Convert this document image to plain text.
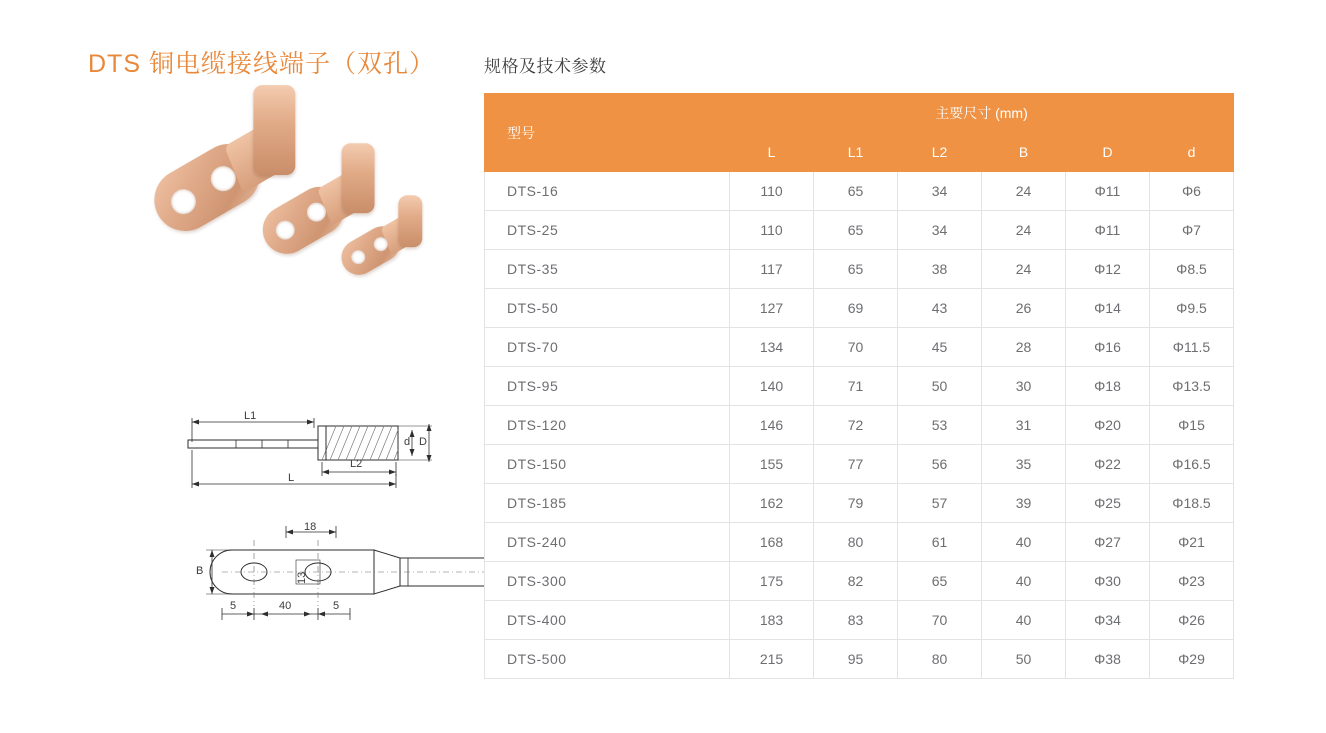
DTS 铜电缆接线端子（双孔）
L1
L
L2
d D
18
13
B
5	40	5
规格及技术参数
型号	主要尺寸 (mm)					
	L	L1	L2	B	D	d
DTS-16	110	65	34	24	Φ11	Φ6
DTS-25	110	65	34	24	Φ11	Φ7
DTS-35	117	65	38	24	Φ12	Φ8.5
DTS-50	127	69	43	26	Φ14	Φ9.5
DTS-70	134	70	45	28	Φ16	Φ11.5
DTS-95	140	71	50	30	Φ18	Φ13.5
DTS-120	146	72	53	31	Φ20	Φ15
DTS-150	155	77	56	35	Φ22	Φ16.5
DTS-185	162	79	57	39	Φ25	Φ18.5
DTS-240	168	80	61	40	Φ27	Φ21
DTS-300	175	82	65	40	Φ30	Φ23
DTS-400	183	83	70	40	Φ34	Φ26
DTS-500	215	95	80	50	Φ38	Φ29
